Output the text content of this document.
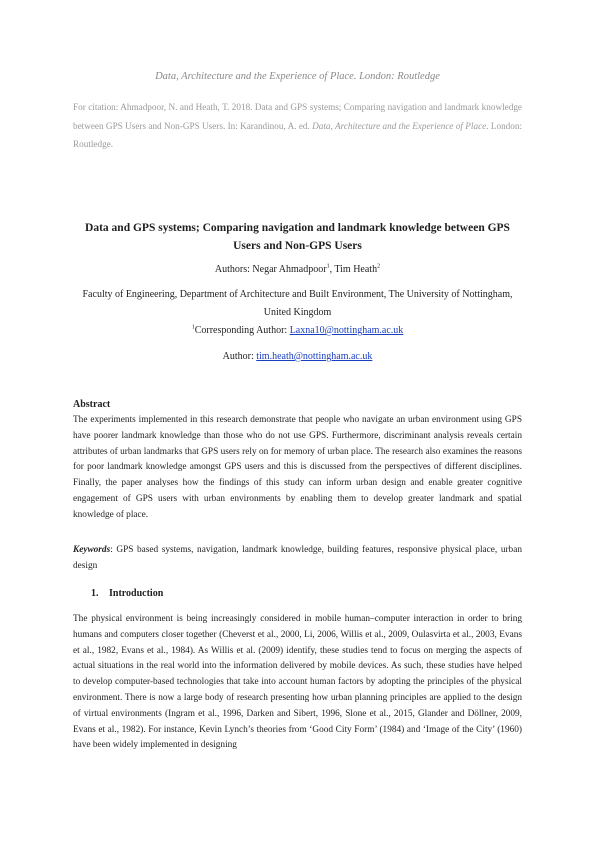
Data, Architecture and the Experience of Place. London: Routledge
For citation: Ahmadpoor, N. and Heath, T. 2018. Data and GPS systems; Comparing navigation and landmark knowledge between GPS Users and Non-GPS Users. In: Karandinou, A. ed. Data, Architecture and the Experience of Place. London: Routledge.
Data and GPS systems; Comparing navigation and landmark knowledge between GPS Users and Non-GPS Users
Authors: Negar Ahmadpoor$^1$, Tim Heath$^2$
Faculty of Engineering, Department of Architecture and Built Environment, The University of Nottingham, United Kingdom
$^1$Corresponding Author: Laxna10@nottingham.ac.uk
Author: tim.heath@nottingham.ac.uk
Abstract
The experiments implemented in this research demonstrate that people who navigate an urban environment using GPS have poorer landmark knowledge than those who do not use GPS. Furthermore, discriminant analysis reveals certain attributes of urban landmarks that GPS users rely on for memory of urban place. The research also examines the reasons for poor landmark knowledge amongst GPS users and this is discussed from the perspectives of different disciplines. Finally, the paper analyses how the findings of this study can inform urban design and enable greater cognitive engagement of GPS users with urban environments by enabling them to develop greater landmark and spatial knowledge of place.
Keywords: GPS based systems, navigation, landmark knowledge, building features, responsive physical place, urban design
1. Introduction
The physical environment is being increasingly considered in mobile human–computer interaction in order to bring humans and computers closer together (Cheverst et al., 2000, Li, 2006, Willis et al., 2009, Oulasvirta et al., 2003, Evans et al., 1982, Evans et al., 1984). As Willis et al. (2009) identify, these studies tend to focus on merging the aspects of actual situations in the real world into the information delivered by mobile devices. As such, these studies have helped to develop computer-based technologies that take into account human factors by adopting the principles of the physical environment. There is now a large body of research presenting how urban planning principles are applied to the design of virtual environments (Ingram et al., 1996, Darken and Sibert, 1996, Slone et al., 2015, Glander and Döllner, 2009, Evans et al., 1982). For instance, Kevin Lynch’s theories from ‘Good City Form’ (1984) and ‘Image of the City’ (1960) have been widely implemented in designing
